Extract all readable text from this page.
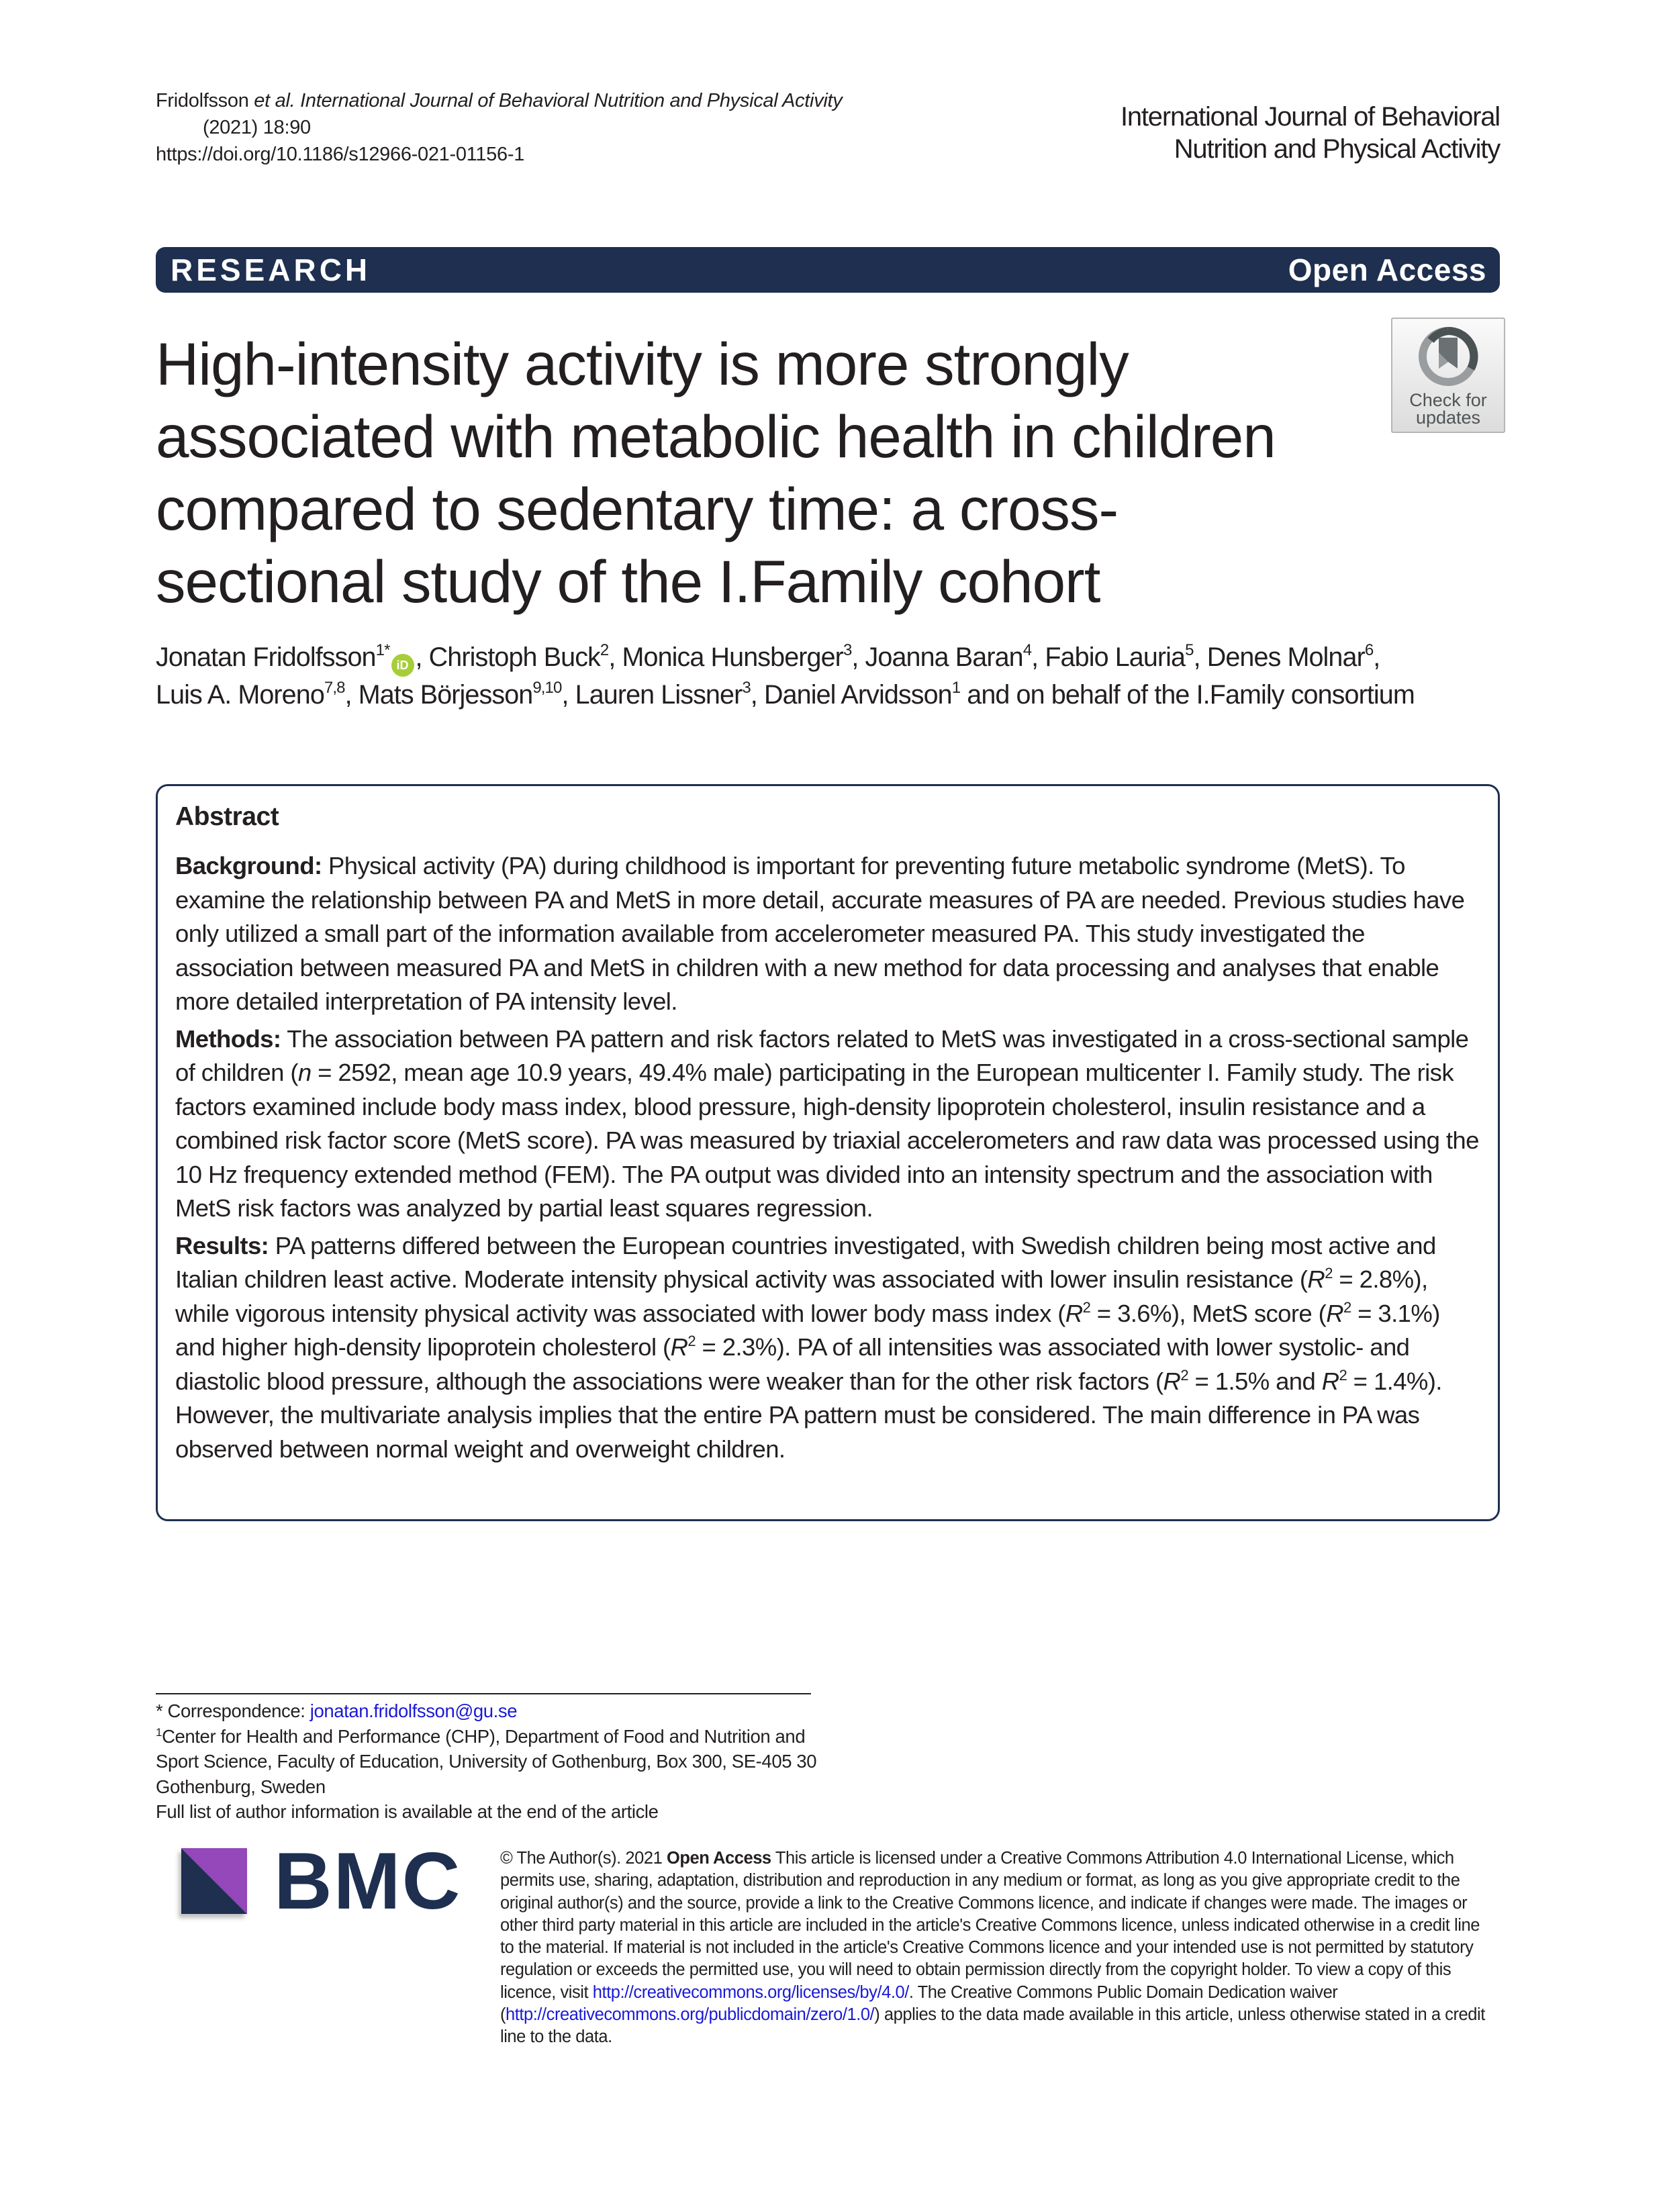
Fridolfsson et al. International Journal of Behavioral Nutrition and Physical Activity
(2021) 18:90
https://doi.org/10.1186/s12966-021-01156-1
International Journal of Behavioral
Nutrition and Physical Activity
RESEARCH	Open Access
High-intensity activity is more strongly associated with metabolic health in children compared to sedentary time: a cross-sectional study of the I.Family cohort
Check for
updates
Jonatan Fridolfsson$^{1*}$iD , Christoph Buck$^2$, Monica Hunsberger$^3$, Joanna Baran$^4$, Fabio Lauria$^5$, Denes Molnar$^6$,
Luis A. Moreno$^{7,8}$, Mats Börjesson$^{9,10}$, Lauren Lissner$^3$, Daniel Arvidsson$^1$ and on behalf of the I.Family consortium
Abstract

Background: Physical activity (PA) during childhood is important for preventing future metabolic syndrome (MetS). To examine the relationship between PA and MetS in more detail, accurate measures of PA are needed. Previous studies have only utilized a small part of the information available from accelerometer measured PA. This study investigated the association between measured PA and MetS in children with a new method for data processing and analyses that enable more detailed interpretation of PA intensity level.

Methods: The association between PA pattern and risk factors related to MetS was investigated in a cross-sectional sample of children (n = 2592, mean age 10.9 years, 49.4% male) participating in the European multicenter I. Family study. The risk factors examined include body mass index, blood pressure, high-density lipoprotein cholesterol, insulin resistance and a combined risk factor score (MetS score). PA was measured by triaxial accelerometers and raw data was processed using the 10 Hz frequency extended method (FEM). The PA output was divided into an intensity spectrum and the association with MetS risk factors was analyzed by partial least squares regression.

Results: PA patterns differed between the European countries investigated, with Swedish children being most active and Italian children least active. Moderate intensity physical activity was associated with lower insulin resistance $(R^2 = 2.8\%)$, while vigorous intensity physical activity was associated with lower body mass index $(R^2 = 3.6\%)$, MetS score $(R^2 = 3.1\%)$ and higher high-density lipoprotein cholesterol $(R^2 = 2.3\%)$. PA of all intensities was associated with lower systolic- and diastolic blood pressure, although the associations were weaker than for the other risk factors ($R^2 = 1.5\%$ and $R^2 = 1.4\%$). However, the multivariate analysis implies that the entire PA pattern must be considered. The main difference in PA was observed between normal weight and overweight children.

* Correspondence: jonatan.fridolfsson@gu.se
$^1$Center for Health and Performance (CHP), Department of Food and Nutrition and Sport Science, Faculty of Education, University of Gothenburg, Box 300, SE-405 30 Gothenburg, Sweden
Full list of author information is available at the end of the article
BMC © The Author(s). 2021 Open Access This article is licensed under a Creative Commons Attribution 4.0 International License, which permits use, sharing, adaptation, distribution and reproduction in any medium or format, as long as you give appropriate credit to the original author(s) and the source, provide a link to the Creative Commons licence, and indicate if changes were made. The images or other third party material in this article are included in the article's Creative Commons licence, unless indicated otherwise in a credit line to the material. If material is not included in the article's Creative Commons licence and your intended use is not permitted by statutory regulation or exceeds the permitted use, you will need to obtain permission directly from the copyright holder. To view a copy of this licence, visit http://creativecommons.org/licenses/by/4.0/. The Creative Commons Public Domain Dedication waiver (http://creativecommons.org/publicdomain/zero/1.0/) applies to the data made available in this article, unless otherwise stated in a credit line to the data.
